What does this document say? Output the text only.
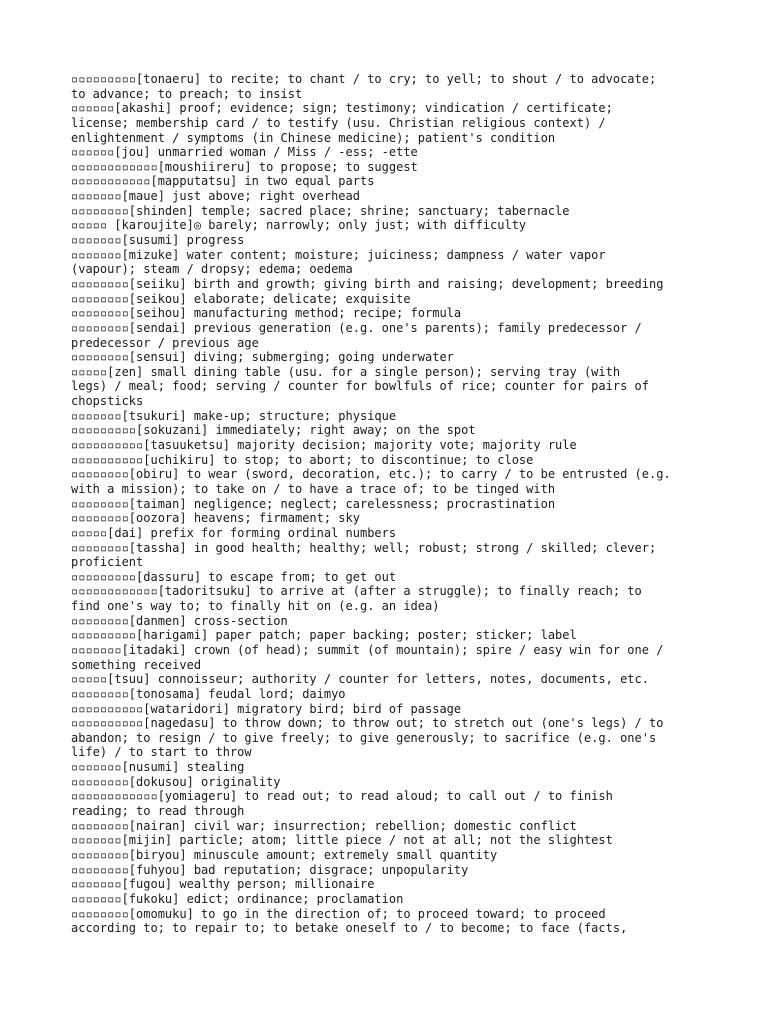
▫▫▫▫▫▫▫▫▫[tonaeru] to recite; to chant / to cry; to yell; to shout / to advocate;
to advance; to preach; to insist
▫▫▫▫▫▫[akashi] proof; evidence; sign; testimony; vindication / certificate;
license; membership card / to testify (usu. Christian religious context) /
enlightenment / symptoms (in Chinese medicine); patient's condition
▫▫▫▫▫▫[jou] unmarried woman / Miss / -ess; -ette
▫▫▫▫▫▫▫▫▫▫▫▫[moushiireru] to propose; to suggest
▫▫▫▫▫▫▫▫▫▫▫[mapputatsu] in two equal parts
▫▫▫▫▫▫▫[maue] just above; right overhead
▫▫▫▫▫▫▫▫[shinden] temple; sacred place; shrine; sanctuary; tabernacle
▫▫▫▫▫ [karoujite]◎ barely; narrowly; only just; with difficulty
▫▫▫▫▫▫▫[susumi] progress
▫▫▫▫▫▫▫[mizuke] water content; moisture; juiciness; dampness / water vapor
(vapour); steam / dropsy; edema; oedema
▫▫▫▫▫▫▫▫[seiiku] birth and growth; giving birth and raising; development; breeding
▫▫▫▫▫▫▫▫[seikou] elaborate; delicate; exquisite
▫▫▫▫▫▫▫▫[seihou] manufacturing method; recipe; formula
▫▫▫▫▫▫▫▫[sendai] previous generation (e.g. one's parents); family predecessor /
predecessor / previous age
▫▫▫▫▫▫▫▫[sensui] diving; submerging; going underwater
▫▫▫▫▫[zen] small dining table (usu. for a single person); serving tray (with
legs) / meal; food; serving / counter for bowlfuls of rice; counter for pairs of
chopsticks
▫▫▫▫▫▫▫[tsukuri] make-up; structure; physique
▫▫▫▫▫▫▫▫▫[sokuzani] immediately; right away; on the spot
▫▫▫▫▫▫▫▫▫▫[tasuuketsu] majority decision; majority vote; majority rule
▫▫▫▫▫▫▫▫▫▫[uchikiru] to stop; to abort; to discontinue; to close
▫▫▫▫▫▫▫▫[obiru] to wear (sword, decoration, etc.); to carry / to be entrusted (e.g.
with a mission); to take on / to have a trace of; to be tinged with
▫▫▫▫▫▫▫▫[taiman] negligence; neglect; carelessness; procrastination
▫▫▫▫▫▫▫▫[oozora] heavens; firmament; sky
▫▫▫▫▫[dai] prefix for forming ordinal numbers
▫▫▫▫▫▫▫▫[tassha] in good health; healthy; well; robust; strong / skilled; clever;
proficient
▫▫▫▫▫▫▫▫▫[dassuru] to escape from; to get out
▫▫▫▫▫▫▫▫▫▫▫▫[tadoritsuku] to arrive at (after a struggle); to finally reach; to
find one's way to; to finally hit on (e.g. an idea)
▫▫▫▫▫▫▫▫[danmen] cross-section
▫▫▫▫▫▫▫▫▫[harigami] paper patch; paper backing; poster; sticker; label
▫▫▫▫▫▫▫[itadaki] crown (of head); summit (of mountain); spire / easy win for one /
something received
▫▫▫▫▫[tsuu] connoisseur; authority / counter for letters, notes, documents, etc.
▫▫▫▫▫▫▫▫[tonosama] feudal lord; daimyo
▫▫▫▫▫▫▫▫▫▫[wataridori] migratory bird; bird of passage
▫▫▫▫▫▫▫▫▫▫[nagedasu] to throw down; to throw out; to stretch out (one's legs) / to
abandon; to resign / to give freely; to give generously; to sacrifice (e.g. one's
life) / to start to throw
▫▫▫▫▫▫▫[nusumi] stealing
▫▫▫▫▫▫▫▫[dokusou] originality
▫▫▫▫▫▫▫▫▫▫▫▫[yomiageru] to read out; to read aloud; to call out / to finish
reading; to read through
▫▫▫▫▫▫▫▫[nairan] civil war; insurrection; rebellion; domestic conflict
▫▫▫▫▫▫▫[mijin] particle; atom; little piece / not at all; not the slightest
▫▫▫▫▫▫▫▫[biryou] minuscule amount; extremely small quantity
▫▫▫▫▫▫▫▫[fuhyou] bad reputation; disgrace; unpopularity
▫▫▫▫▫▫▫[fugou] wealthy person; millionaire
▫▫▫▫▫▫▫[fukoku] edict; ordinance; proclamation
▫▫▫▫▫▫▫▫[omomuku] to go in the direction of; to proceed toward; to proceed
according to; to repair to; to betake oneself to / to become; to face (facts,
